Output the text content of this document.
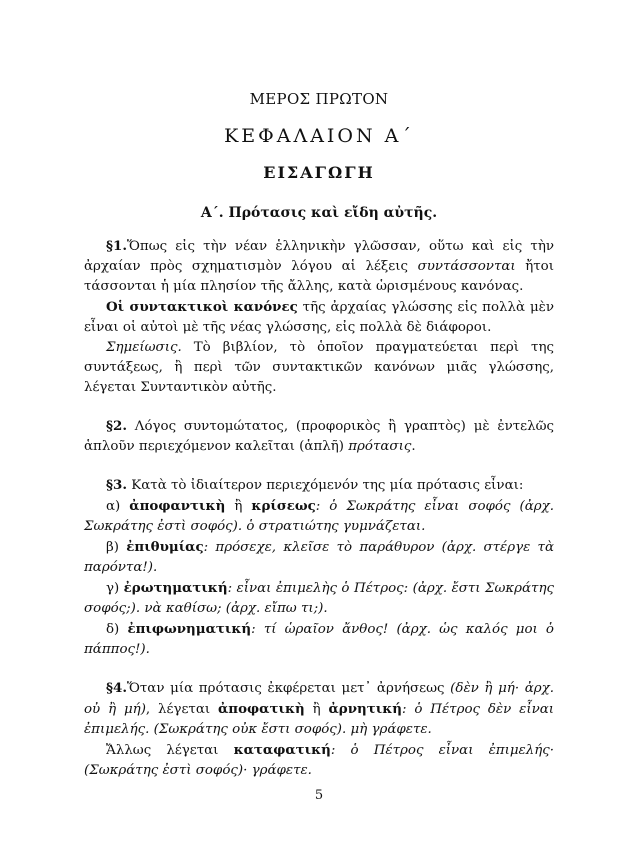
ΜΕΡΟΣ ΠΡΩΤΟΝ
ΚΕΦΑΛΑΙΟΝ Α΄
ΕΙΣΑΓΩΓΗ
Α΄. Πρότασις καὶ εἴδη αὐτῆς.

§1.Ὅπως εἰς τὴν νέαν ἑλληνικὴν γλῶσσαν, οὕτω καὶ εἰς τὴν ἀρχαίαν πρὸς σχηματισμὸν λόγου αἱ λέξεις συντάσσονται ἤτοι τάσσονται ἡ μία πλησίον τῆς ἄλλης, κατὰ ὡρισμένους κανόνας.

Οἱ συντακτικοὶ κανόνες τῆς ἀρχαίας γλώσσης εἰς πολλὰ μὲν εἶναι οἱ αὐτοὶ μὲ τῆς νέας γλώσσης, εἰς πολλὰ δὲ διάφοροι.

Σημείωσις. Τὸ βιβλίον, τὸ ὁποῖον πραγματεύεται περὶ της συντάξεως, ἢ περὶ τῶν συντακτικῶν κανόνων μιᾶς γλώσσης, λέγεται Συνταντικὸν αὐτῆς.

§2. Λόγος συντομώτατος, (προφορικὸς ἢ γραπτὸς) μὲ ἐντελῶς ἁπλοῦν περιεχόμενον καλεῖται (ἁπλῆ) πρότασις.

§3. Κατὰ τὸ ἰδιαίτερον περιεχόμενόν της μία πρότασις εἶναι:

α) ἀποφαντικὴ ἢ κρίσεως: ὁ Σωκράτης εἶναι σοφός (ἀρχ. Σωκράτης ἐστὶ σοφός). ὁ στρατιώτης γυμνάζεται.

β) ἐπιθυμίας: πρόσεχε, κλεῖσε τὸ παράθυρον (ἀρχ. στέργε τὰ παρόντα!).

γ) ἐρωτηματική: εἶναι ἐπιμελὴς ὁ Πέτρος: (ἀρχ. ἔστι Σωκράτης σοφός;). νὰ καθίσω; (ἀρχ. εἴπω τι;).

δ) ἐπιφωνηματική: τί ὡραῖον ἄνθος! (ἀρχ. ὡς καλός μοι ὁ πάππος!).

§4.Ὅταν μία πρότασις ἐκφέρεται μετ᾽ ἀρνήσεως (δὲν ἢ μή· ἀρχ. οὐ ἢ μή), λέγεται ἀποφατικὴ ἢ ἀρνητική: ὁ Πέτρος δὲν εἶναι ἐπιμελής. (Σωκράτης οὐκ ἔστι σοφός). μὴ γράφετε.

Ἄλλως λέγεται καταφατική: ὁ Πέτρος εἶναι ἐπιμελής· (Σωκράτης ἐστὶ σοφός)· γράφετε.

5
